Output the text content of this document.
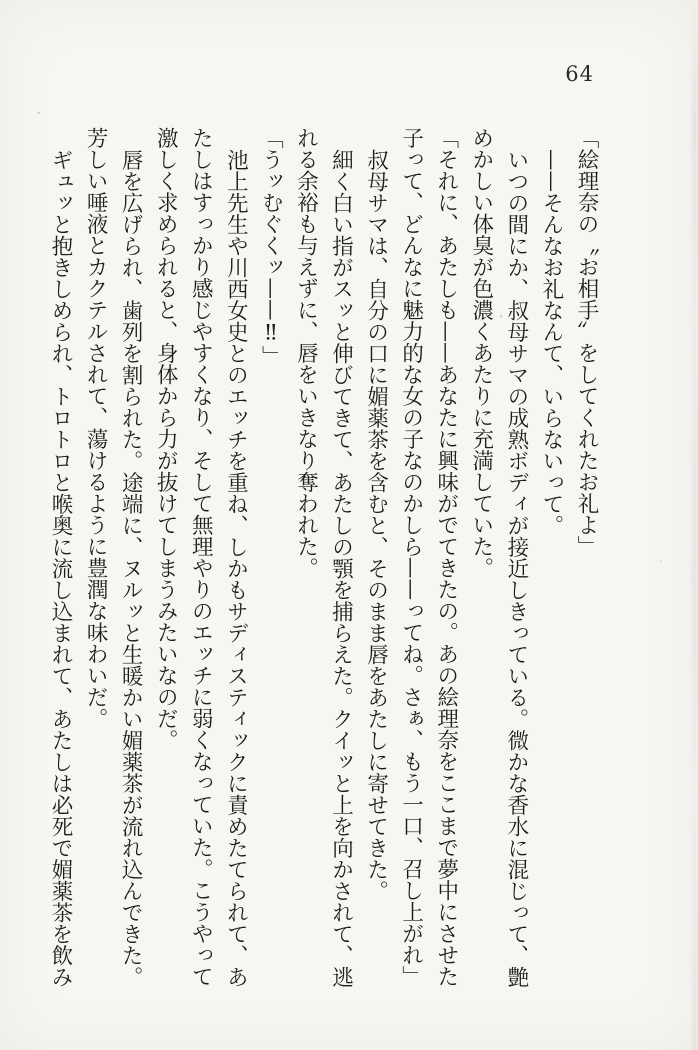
64
「絵理奈の〝お相手〟をしてくれたお礼よ」
——そんなお礼なんて、いらないって。
いつの間にか、叔母サマの成熟ボディが接近しきっている。微かな香水に混じって、艶
めかしい体臭が色濃くあたりに充満していた。
「それに、あたしも——あなたに興味がでてきたの。あの絵理奈をここまで夢中にさせた
子って、どんなに魅力的な女の子なのかしら——ってね。さぁ、もう一口、召し上がれ」
叔母サマは、自分の口に媚薬茶を含むと、そのまま唇をあたしに寄せてきた。
細く白い指がスッと伸びてきて、あたしの顎を捕らえた。クイッと上を向かされて、逃
れる余裕も与えずに、唇をいきなり奪われた。
「うッむぐくッ——‼」
池上先生や川西女史とのエッチを重ね、しかもサディスティックに責めたてられて、あ
たしはすっかり感じやすくなり、そして無理やりのエッチに弱くなっていた。こうやって
激しく求められると、身体から力が抜けてしまうみたいなのだ。
唇を広げられ、歯列を割られた。途端に、ヌルッと生暖かい媚薬茶が流れ込んできた。
芳しい唾液とカクテルされて、蕩けるように豊潤な味わいだ。
ギュッと抱きしめられ、トロトロと喉奥に流し込まれて、あたしは必死で媚薬茶を飲み
